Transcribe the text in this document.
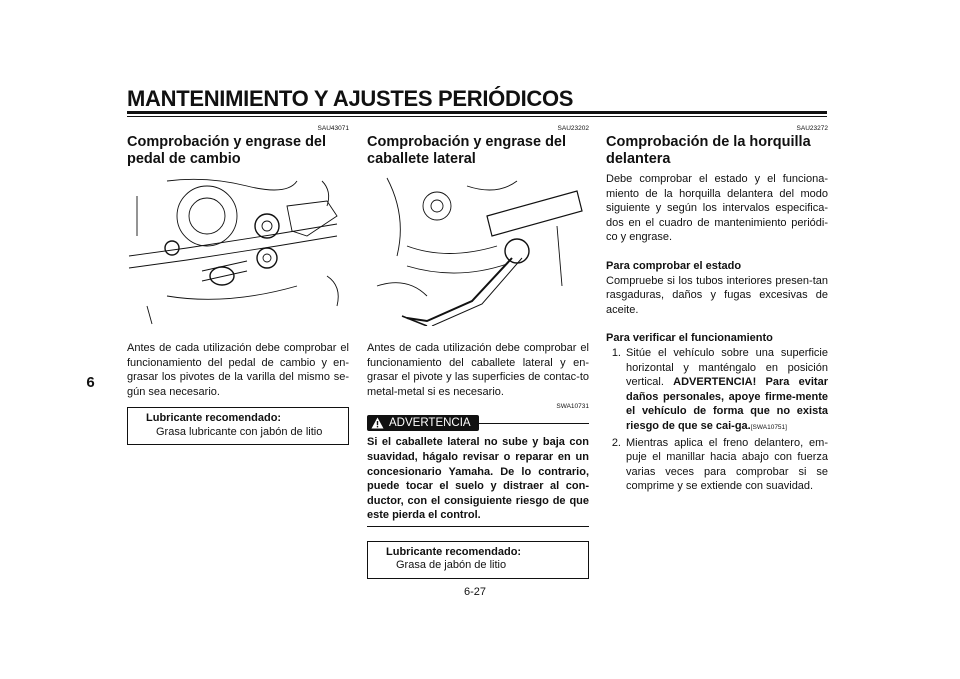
MANTENIMIENTO Y AJUSTES PERIÓDICOS
6
SAU43071
Comprobación y engrase del pedal de cambio
Antes de cada utilización debe comprobar el funcionamiento del pedal de cambio y en-grasar los pivotes de la varilla del mismo se-gún sea necesario.
Lubricante recomendado:
Grasa lubricante con jabón de litio
SAU23202
Comprobación y engrase del caballete lateral
Antes de cada utilización debe comprobar el funcionamiento del caballete lateral y en-grasar el pivote y las superficies de contac-to metal-metal si es necesario.
SWA10731
ADVERTENCIA
Si el caballete lateral no sube y baja con suavidad, hágalo revisar o reparar en un concesionario Yamaha. De lo contrario, puede tocar el suelo y distraer al con-ductor, con el consiguiente riesgo de que este pierda el control.
Lubricante recomendado:
Grasa de jabón de litio
SAU23272
Comprobación de la horquilla delantera
Debe comprobar el estado y el funciona-miento de la horquilla delantera del modo siguiente y según los intervalos especifica-dos en el cuadro de mantenimiento periódi-co y engrase.
Para comprobar el estado
Compruebe si los tubos interiores presen-tan rasgaduras, daños y fugas excesivas de aceite.
Para verificar el funcionamiento
1. Sitúe el vehículo sobre una superficie horizontal y manténgalo en posición vertical. ADVERTENCIA! Para evitar daños personales, apoye firme-mente el vehículo de forma que no exista riesgo de que se cai-ga.[SWA10751]
2. Mientras aplica el freno delantero, em-puje el manillar hacia abajo con fuerza varias veces para comprobar si se comprime y se extiende con suavidad.
6-27
